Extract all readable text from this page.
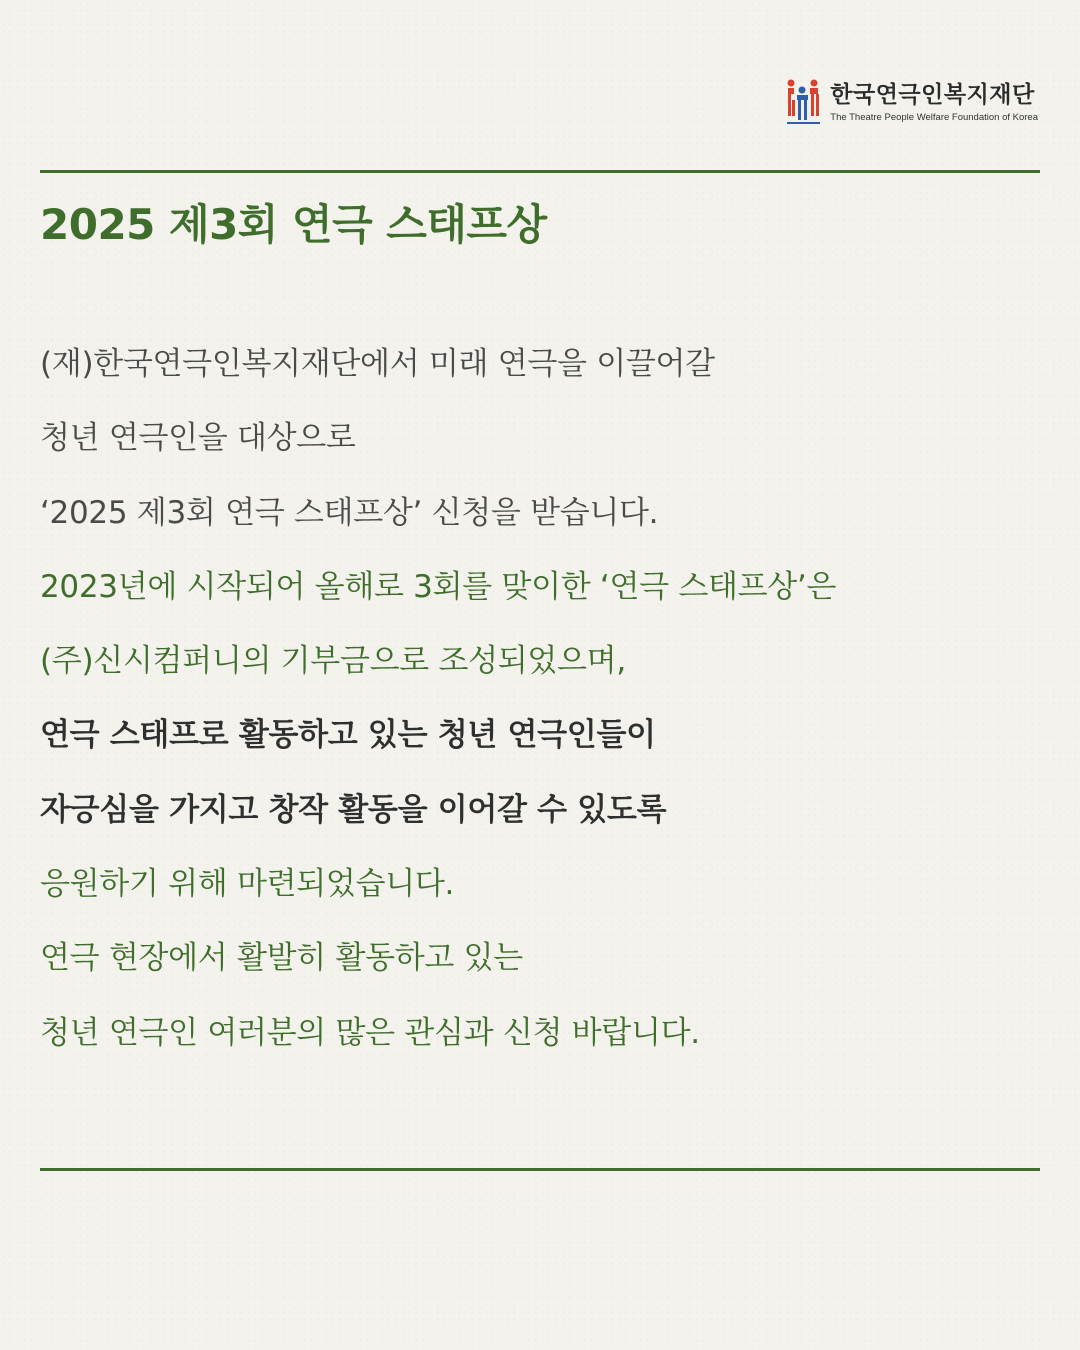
한국연극인복지재단
The Theatre People Welfare Foundation of Korea
2025 제3회 연극 스태프상
(재)한국연극인복지재단에서 미래 연극을 이끌어갈
청년 연극인을 대상으로
‘2025 제3회 연극 스태프상’ 신청을 받습니다.
2023년에 시작되어 올해로 3회를 맞이한 ‘연극 스태프상’은
(주)신시컴퍼니의 기부금으로 조성되었으며,
연극 스태프로 활동하고 있는 청년 연극인들이
자긍심을 가지고 창작 활동을 이어갈 수 있도록
응원하기 위해 마련되었습니다.
연극 현장에서 활발히 활동하고 있는
청년 연극인 여러분의 많은 관심과 신청 바랍니다.
